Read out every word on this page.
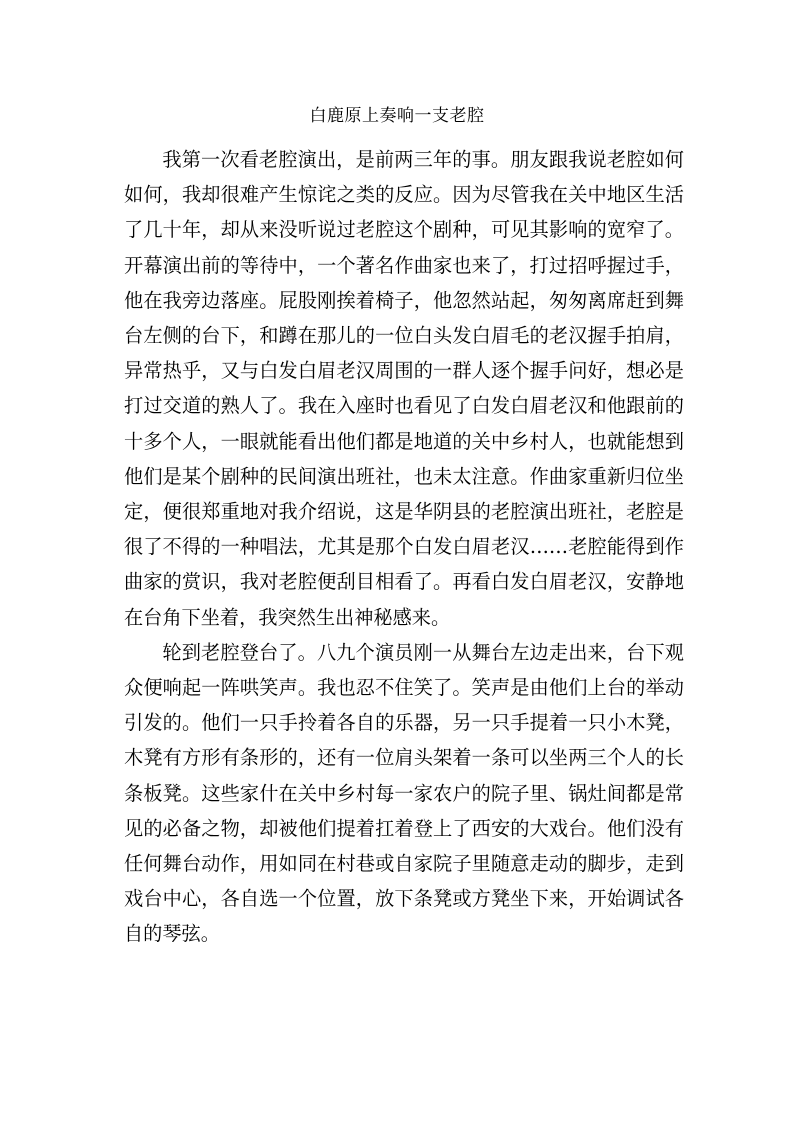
白鹿原上奏响一支老腔

我第一次看老腔演出，是前两三年的事。朋友跟我说老腔如何如何，我却很难产生惊诧之类的反应。因为尽管我在关中地区生活了几十年，却从来没听说过老腔这个剧种，可见其影响的宽窄了。开幕演出前的等待中，一个著名作曲家也来了，打过招呼握过手，他在我旁边落座。屁股刚挨着椅子，他忽然站起，匆匆离席赶到舞台左侧的台下，和蹲在那儿的一位白头发白眉毛的老汉握手拍肩，异常热乎，又与白发白眉老汉周围的一群人逐个握手问好，想必是打过交道的熟人了。我在入座时也看见了白发白眉老汉和他跟前的十多个人，一眼就能看出他们都是地道的关中乡村人，也就能想到他们是某个剧种的民间演出班社，也未太注意。作曲家重新归位坐定，便很郑重地对我介绍说，这是华阴县的老腔演出班社，老腔是很了不得的一种唱法，尤其是那个白发白眉老汉……老腔能得到作曲家的赏识，我对老腔便刮目相看了。再看白发白眉老汉，安静地在台角下坐着，我突然生出神秘感来。

轮到老腔登台了。八九个演员刚一从舞台左边走出来，台下观众便响起一阵哄笑声。我也忍不住笑了。笑声是由他们上台的举动引发的。他们一只手拎着各自的乐器，另一只手提着一只小木凳，木凳有方形有条形的，还有一位肩头架着一条可以坐两三个人的长条板凳。这些家什在关中乡村每一家农户的院子里、锅灶间都是常见的必备之物，却被他们提着扛着登上了西安的大戏台。他们没有任何舞台动作，用如同在村巷或自家院子里随意走动的脚步，走到戏台中心，各自选一个位置，放下条凳或方凳坐下来，开始调试各自的琴弦。
